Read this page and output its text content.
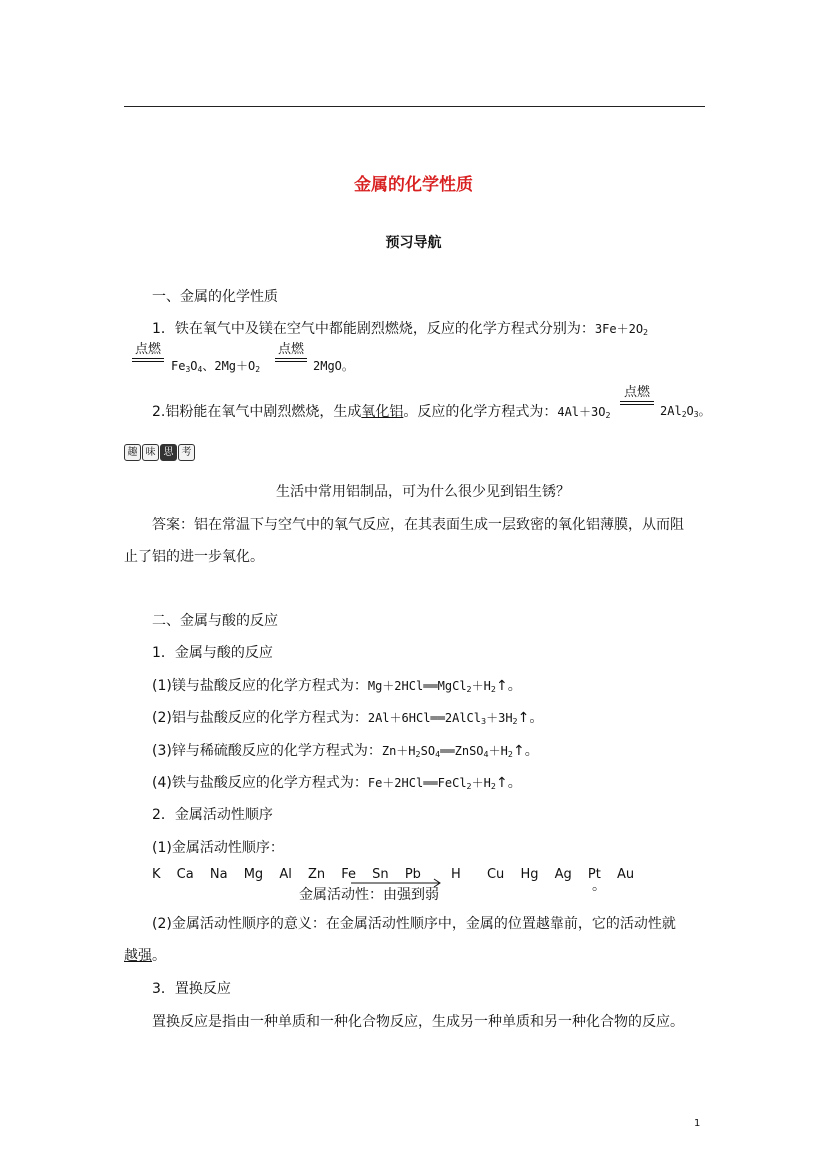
金属的化学性质
预习导航
一、金属的化学性质
1．铁在氧气中及镁在空气中都能剧烈燃烧，反应的化学方程式分别为：$3Fe+2O_2$
点燃
$Fe_3O_4$、$2Mg+O_2$
点燃
2MgO。
2.铝粉能在氧气中剧烈燃烧，生成氧化铝。反应的化学方程式为：$4Al+3O_2$
点燃
$2Al_2O_3$。
趣 味 思 考
生活中常用铝制品，可为什么很少见到铝生锈？
答案：铝在常温下与空气中的氧气反应，在其表面生成一层致密的氧化铝薄膜，从而阻
止了铝的进一步氧化。
二、金属与酸的反应
1．金属与酸的反应
(1)镁与盐酸反应的化学方程式为：$Mg+2HCl══MgCl_2+H_2↑$。
(2)铝与盐酸反应的化学方程式为：$2Al+6HCl══2AlCl_3+3H_2↑$。
(3)锌与稀硫酸反应的化学方程式为：$Zn+H_2SO_4══ZnSO_4+H_2↑$。
(4)铁与盐酸反应的化学方程式为：$Fe+2HCl══FeCl_2+H_2↑$。
2．金属活动性顺序
(1)金属活动性顺序：
K Ca Na Mg Al Zn Fe Sn Pb H Cu Hg Ag Pt Au
金属活动性：由强到弱
。
(2)金属活动性顺序的意义：在金属活动性顺序中，金属的位置越靠前，它的活动性就
越强。
3．置换反应
置换反应是指由一种单质和一种化合物反应，生成另一种单质和另一种化合物的反应。
1
